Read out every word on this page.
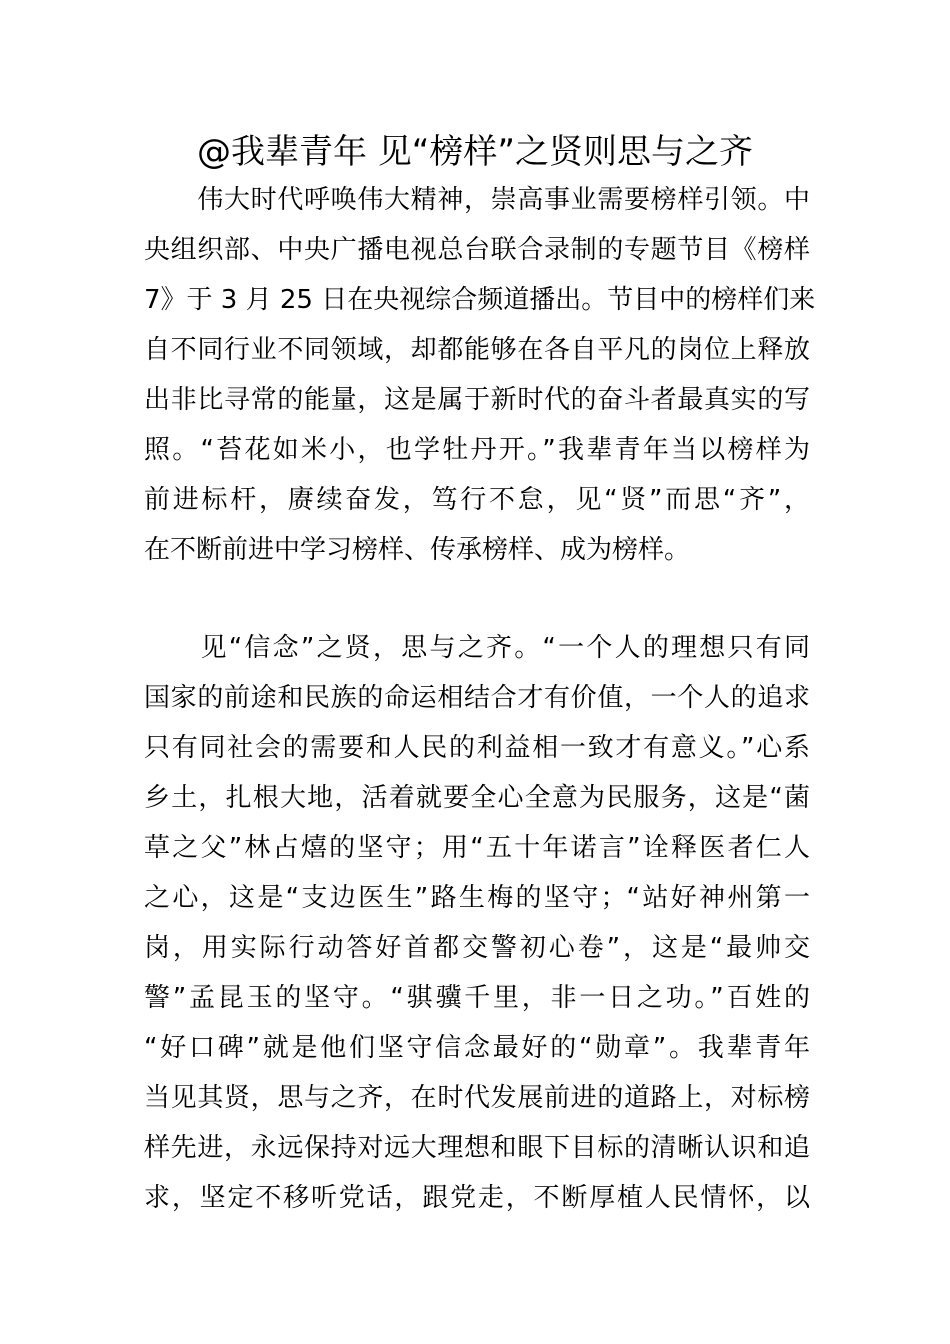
@我辈青年 见“榜样”之贤则思与之齐
　　伟大时代呼唤伟大精神，崇高事业需要榜样引领。中
央组织部、中央广播电视总台联合录制的专题节目《榜样
7》于 3 月 25 日在央视综合频道播出。节目中的榜样们来
自不同行业不同领域，却都能够在各自平凡的岗位上释放
出非比寻常的能量，这是属于新时代的奋斗者最真实的写
照。“苔花如米小，也学牡丹开。”我辈青年当以榜样为
前进标杆，赓续奋发，笃行不怠，见“贤”而思“齐”，
在不断前进中学习榜样、传承榜样、成为榜样。
　　见“信念”之贤，思与之齐。“一个人的理想只有同
国家的前途和民族的命运相结合才有价值，一个人的追求
只有同社会的需要和人民的利益相一致才有意义。”心系
乡土，扎根大地，活着就要全心全意为民服务，这是“菌
草之父”林占熺的坚守；用“五十年诺言”诠释医者仁人
之心，这是“支边医生”路生梅的坚守；“站好神州第一
岗，用实际行动答好首都交警初心卷”，这是“最帅交
警”孟昆玉的坚守。“骐骥千里，非一日之功。”百姓的
“好口碑”就是他们坚守信念最好的“勋章”。我辈青年
当见其贤，思与之齐，在时代发展前进的道路上，对标榜
样先进，永远保持对远大理想和眼下目标的清晰认识和追
求，坚定不移听党话，跟党走，不断厚植人民情怀，以
